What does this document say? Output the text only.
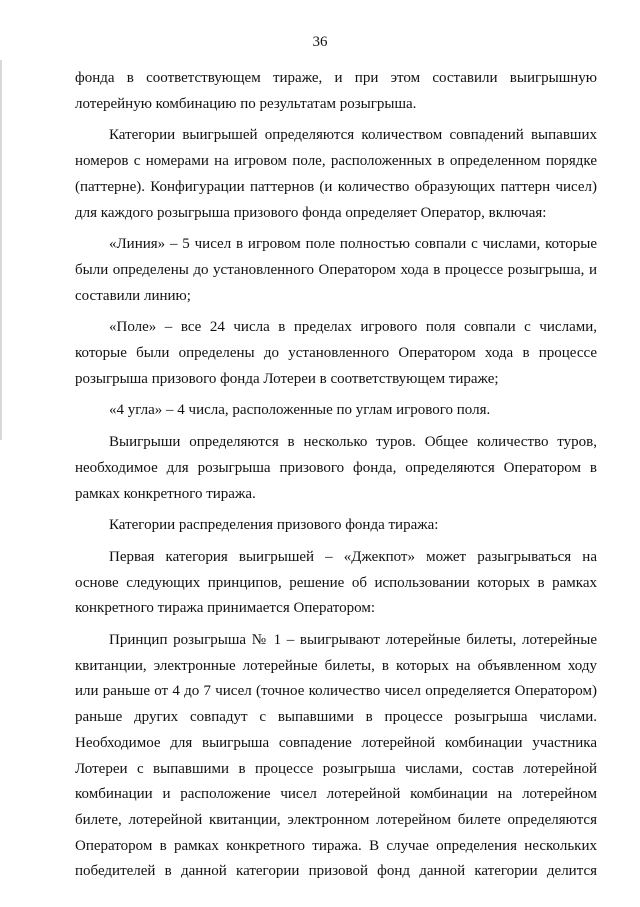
36
фонда в соответствующем тираже, и при этом составили выигрышную
лотерейную комбинацию по результатам розыгрыша.
Категории выигрышей определяются количеством совпадений выпавших
номеров с номерами на игровом поле, расположенных в определенном порядке
(паттерне). Конфигурации паттернов (и количество образующих паттерн чисел)
для каждого розыгрыша призового фонда определяет Оператор, включая:
«Линия» – 5 чисел в игровом поле полностью совпали с числами, которые
были определены до установленного Оператором хода в процессе розыгрыша, и
составили линию;
«Поле» – все 24 числа в пределах игрового поля совпали с числами,
которые были определены до установленного Оператором хода в процессе
розыгрыша призового фонда Лотереи в соответствующем тираже;
«4 угла» – 4 числа, расположенные по углам игрового поля.
Выигрыши определяются в несколько туров. Общее количество туров,
необходимое для розыгрыша призового фонда, определяются Оператором в
рамках конкретного тиража.
Категории распределения призового фонда тиража:
Первая категория выигрышей – «Джекпот» может разыгрываться на
основе следующих принципов, решение об использовании которых в рамках
конкретного тиража принимается Оператором:
Принцип розыгрыша № 1 – выигрывают лотерейные билеты, лотерейные
квитанции, электронные лотерейные билеты, в которых на объявленном ходу
или раньше от 4 до 7 чисел (точное количество чисел определяется Оператором)
раньше других совпадут с выпавшими в процессе розыгрыша числами.
Необходимое для выигрыша совпадение лотерейной комбинации участника
Лотереи с выпавшими в процессе розыгрыша числами, состав лотерейной
комбинации и расположение чисел лотерейной комбинации на лотерейном
билете, лотерейной квитанции, электронном лотерейном билете определяются
Оператором в рамках конкретного тиража. В случае определения нескольких
победителей в данной категории призовой фонд данной категории делится
